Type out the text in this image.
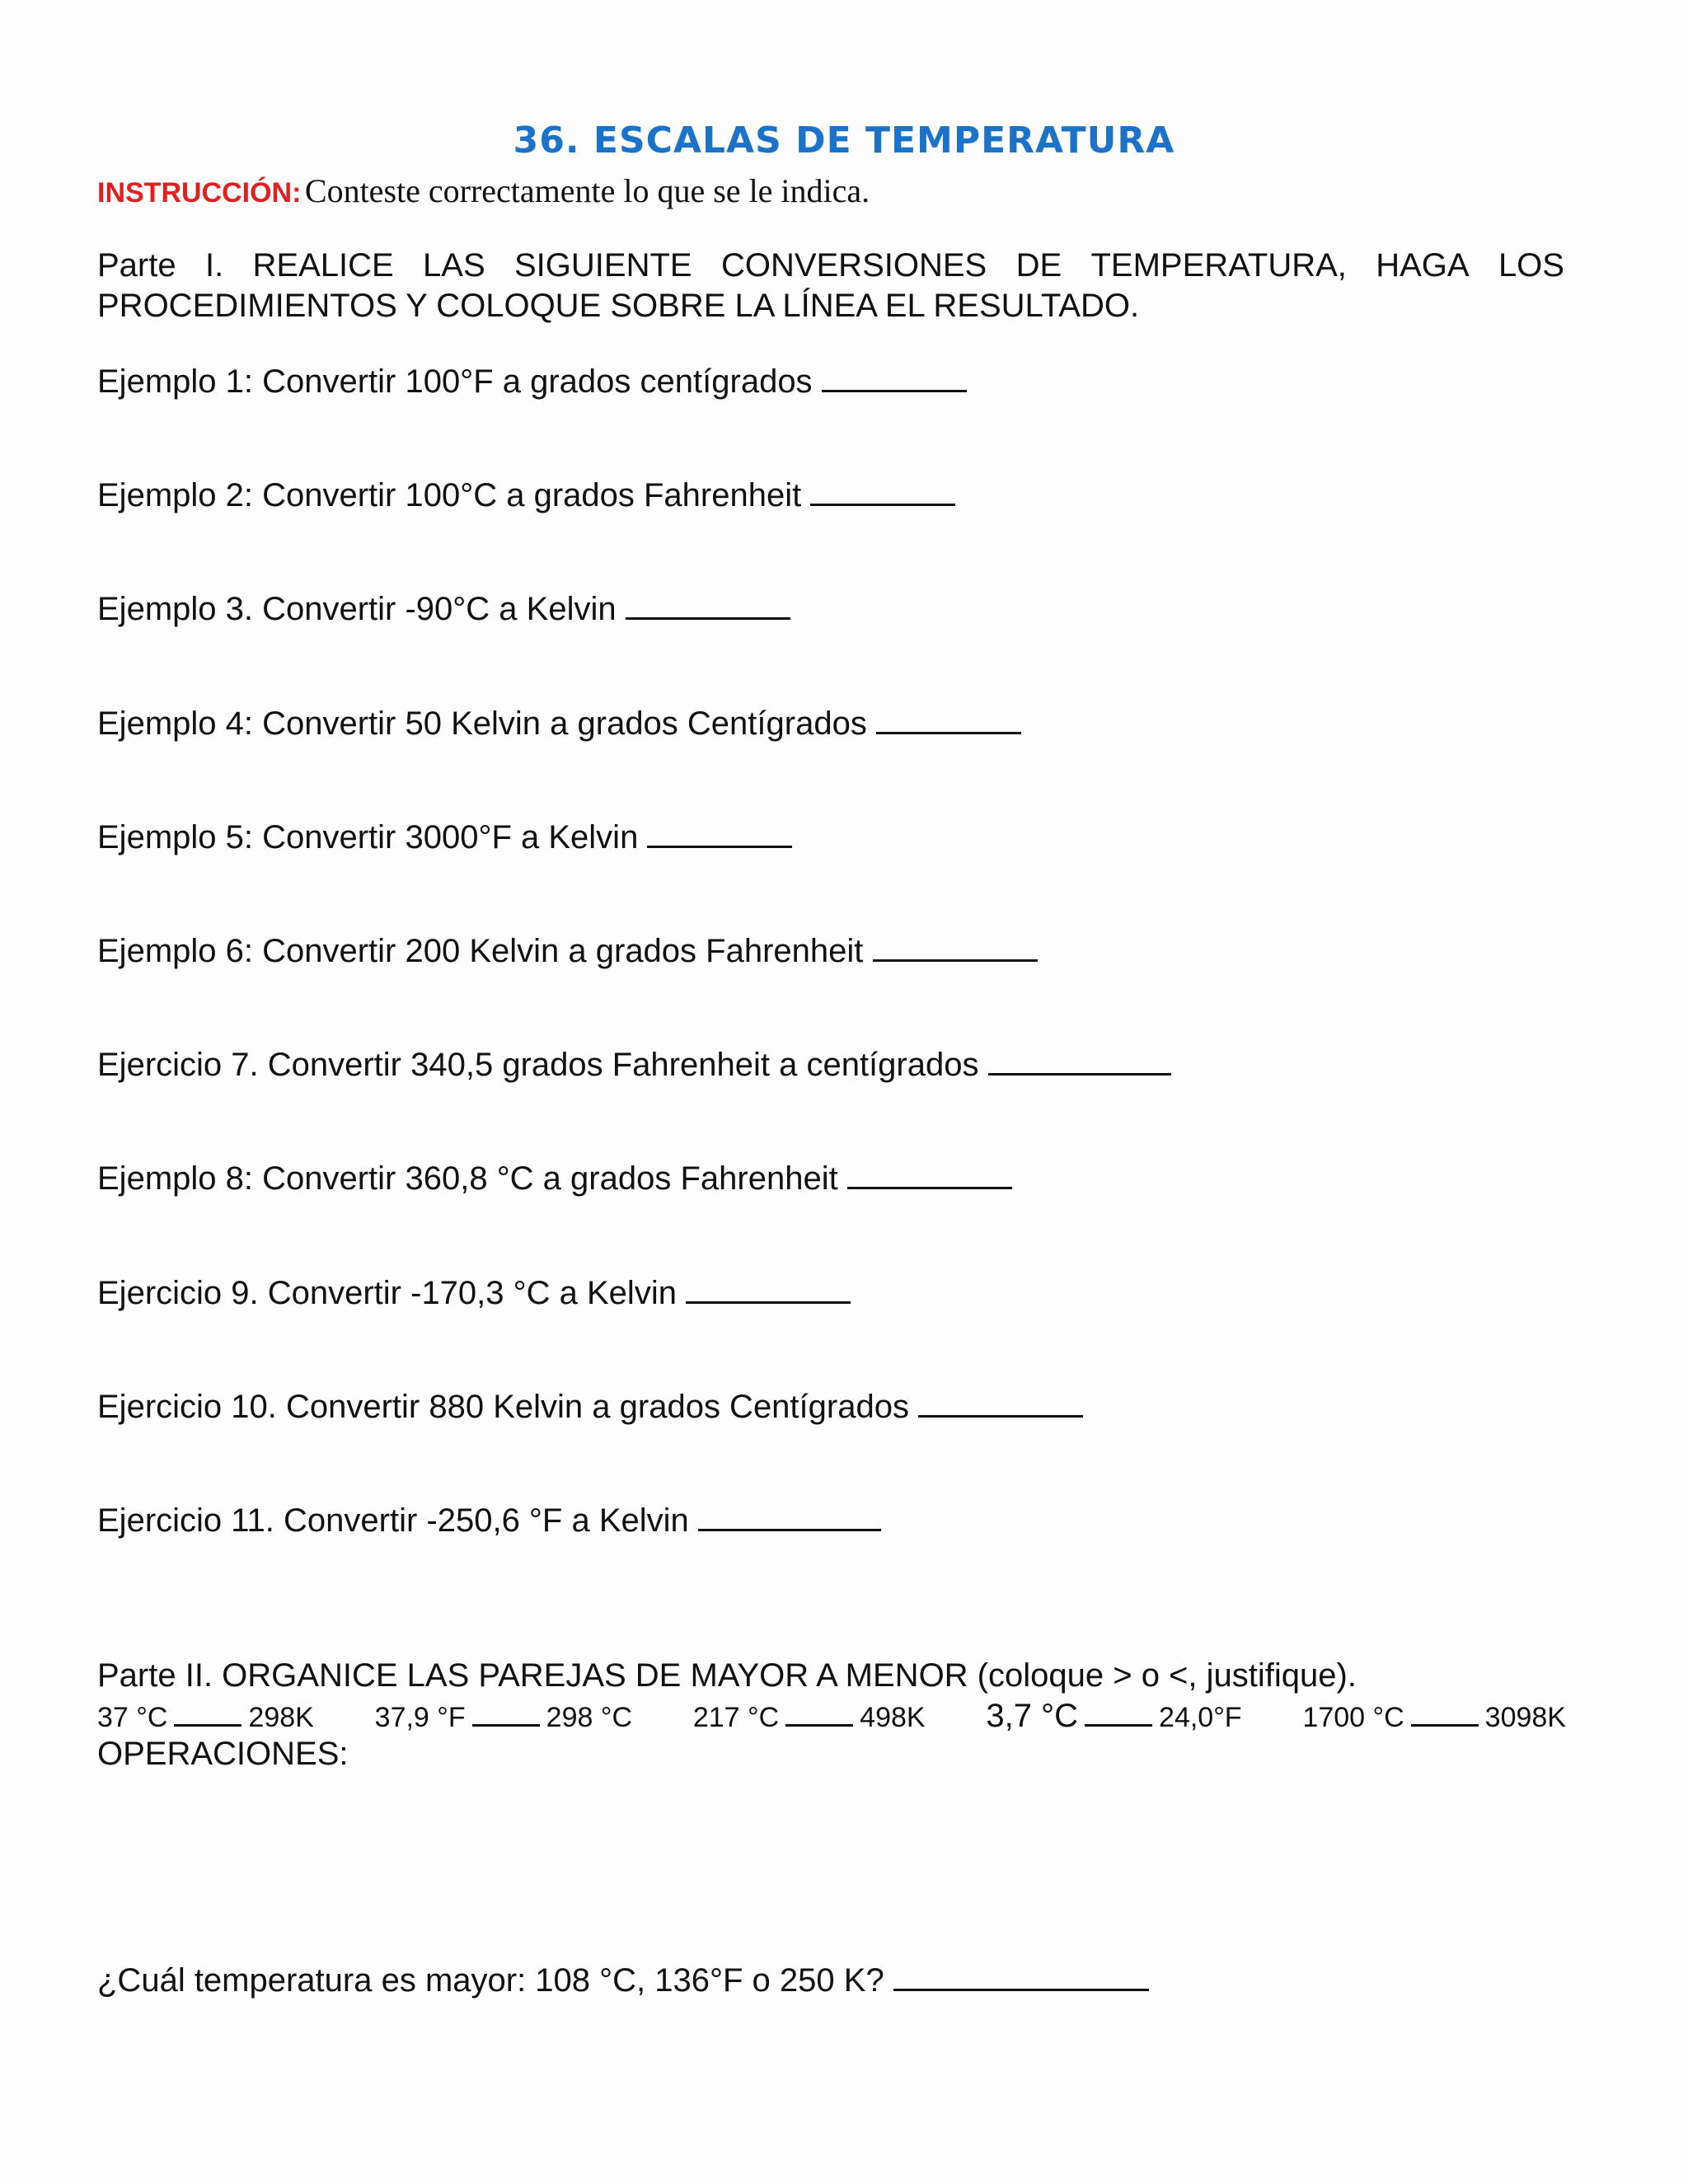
36. ESCALAS DE TEMPERATURA
INSTRUCCIÓN: Conteste correctamente lo que se le indica.
Parte I. REALICE LAS SIGUIENTE CONVERSIONES DE TEMPERATURA, HAGA LOS
PROCEDIMIENTOS Y COLOQUE SOBRE LA LÍNEA EL RESULTADO.
Ejemplo 1: Convertir 100°F a grados centígrados
Ejemplo 2: Convertir 100°C a grados Fahrenheit
Ejemplo 3. Convertir -90°C a Kelvin
Ejemplo 4: Convertir 50 Kelvin a grados Centígrados
Ejemplo 5: Convertir 3000°F a Kelvin
Ejemplo 6: Convertir 200 Kelvin a grados Fahrenheit
Ejercicio 7. Convertir 340,5 grados Fahrenheit a centígrados
Ejemplo 8: Convertir 360,8 °C a grados Fahrenheit
Ejercicio 9. Convertir -170,3 °C a Kelvin
Ejercicio 10. Convertir 880 Kelvin a grados Centígrados
Ejercicio 11. Convertir -250,6 °F a Kelvin
Parte II. ORGANICE LAS PAREJAS DE MAYOR A MENOR (coloque > o <, justifique).
37 °C	298K 37,9 °F	298 °C 217 °C	498K 3,7 °C	24,0°F 1700 °C	3098K
OPERACIONES:
¿Cuál temperatura es mayor: 108 °C, 136°F o 250 K?
